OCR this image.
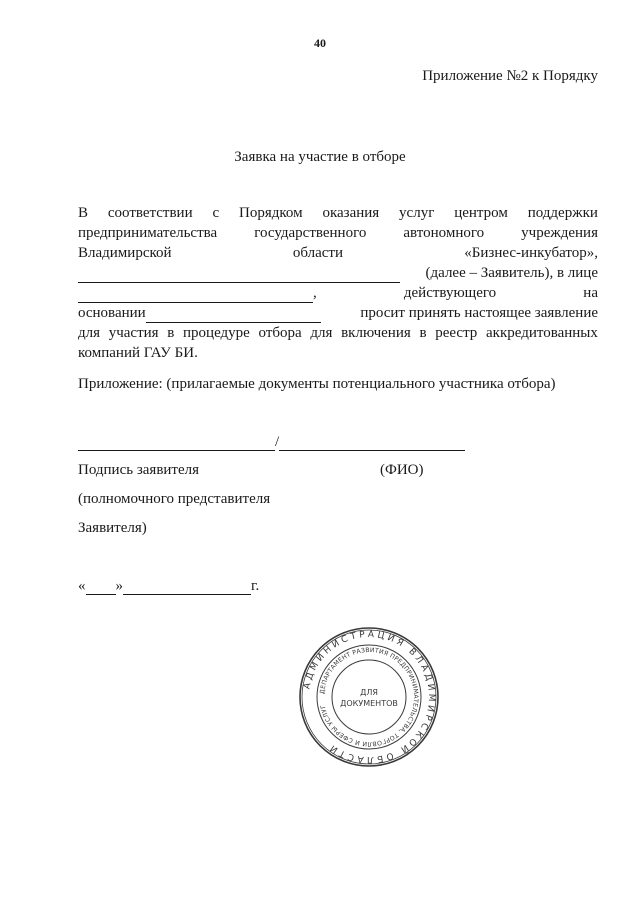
40
Приложение №2 к Порядку
Заявка на участие в отборе
В соответствии с Порядком оказания услуг центром поддержки
предпринимательства государственного автономного учреждения
Владимирской	области	«Бизнес-инкубатор»,
(далее – Заявитель), в лице
,	действующего	на
основании	просит принять настоящее заявление
для участия в процедуре отбора для включения в реестр аккредитованных
компаний ГАУ БИ.
Приложение: (прилагаемые документы потенциального участника отбора)
/
Подпись заявителя	(ФИО)
(полномочного представителя
Заявителя)
« »	г.
АДМИНИСТРАЦИЯ ВЛАДИМИРСКОЙ ОБЛАСТИ
ДЕПАРТАМЕНТ РАЗВИТИЯ ПРЕДПРИНИМАТЕЛЬСТВА, ТОРГОВЛИ И СФЕРЫ УСЛУГ
ДЛЯ
ДОКУМЕНТОВ
